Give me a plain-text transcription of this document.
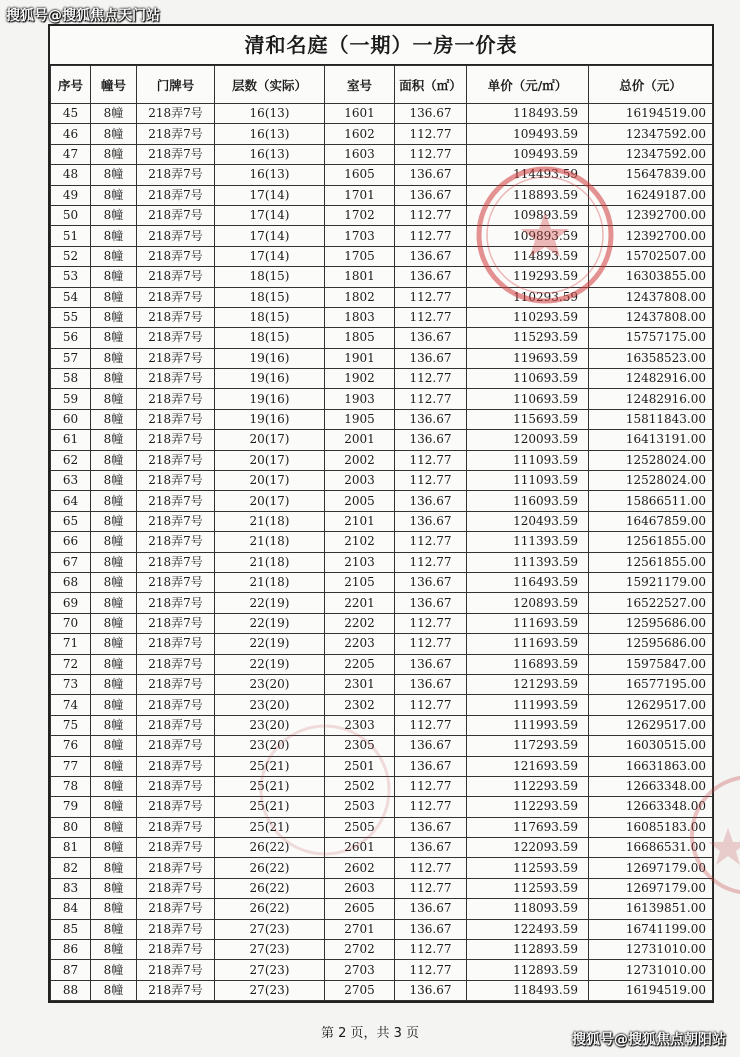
搜狐号@搜狐焦点天门站
清和名庭（一期）一房一价表
序号	幢号	门牌号	层数（实际）	室号	面积（㎡）	单价（元/㎡）	总价（元）
45	8幢	218弄7号	16(13)	1601	136.67	118493.59	16194519.00
46	8幢	218弄7号	16(13)	1602	112.77	109493.59	12347592.00
47	8幢	218弄7号	16(13)	1603	112.77	109493.59	12347592.00
48	8幢	218弄7号	16(13)	1605	136.67	114493.59	15647839.00
49	8幢	218弄7号	17(14)	1701	136.67	118893.59	16249187.00
50	8幢	218弄7号	17(14)	1702	112.77	109893.59	12392700.00
51	8幢	218弄7号	17(14)	1703	112.77	109893.59	12392700.00
52	8幢	218弄7号	17(14)	1705	136.67	114893.59	15702507.00
53	8幢	218弄7号	18(15)	1801	136.67	119293.59	16303855.00
54	8幢	218弄7号	18(15)	1802	112.77	110293.59	12437808.00
55	8幢	218弄7号	18(15)	1803	112.77	110293.59	12437808.00
56	8幢	218弄7号	18(15)	1805	136.67	115293.59	15757175.00
57	8幢	218弄7号	19(16)	1901	136.67	119693.59	16358523.00
58	8幢	218弄7号	19(16)	1902	112.77	110693.59	12482916.00
59	8幢	218弄7号	19(16)	1903	112.77	110693.59	12482916.00
60	8幢	218弄7号	19(16)	1905	136.67	115693.59	15811843.00
61	8幢	218弄7号	20(17)	2001	136.67	120093.59	16413191.00
62	8幢	218弄7号	20(17)	2002	112.77	111093.59	12528024.00
63	8幢	218弄7号	20(17)	2003	112.77	111093.59	12528024.00
64	8幢	218弄7号	20(17)	2005	136.67	116093.59	15866511.00
65	8幢	218弄7号	21(18)	2101	136.67	120493.59	16467859.00
66	8幢	218弄7号	21(18)	2102	112.77	111393.59	12561855.00
67	8幢	218弄7号	21(18)	2103	112.77	111393.59	12561855.00
68	8幢	218弄7号	21(18)	2105	136.67	116493.59	15921179.00
69	8幢	218弄7号	22(19)	2201	136.67	120893.59	16522527.00
70	8幢	218弄7号	22(19)	2202	112.77	111693.59	12595686.00
71	8幢	218弄7号	22(19)	2203	112.77	111693.59	12595686.00
72	8幢	218弄7号	22(19)	2205	136.67	116893.59	15975847.00
73	8幢	218弄7号	23(20)	2301	136.67	121293.59	16577195.00
74	8幢	218弄7号	23(20)	2302	112.77	111993.59	12629517.00
75	8幢	218弄7号	23(20)	2303	112.77	111993.59	12629517.00
76	8幢	218弄7号	23(20)	2305	136.67	117293.59	16030515.00
77	8幢	218弄7号	25(21)	2501	136.67	121693.59	16631863.00
78	8幢	218弄7号	25(21)	2502	112.77	112293.59	12663348.00
79	8幢	218弄7号	25(21)	2503	112.77	112293.59	12663348.00
80	8幢	218弄7号	25(21)	2505	136.67	117693.59	16085183.00
81	8幢	218弄7号	26(22)	2601	136.67	122093.59	16686531.00
82	8幢	218弄7号	26(22)	2602	112.77	112593.59	12697179.00
83	8幢	218弄7号	26(22)	2603	112.77	112593.59	12697179.00
84	8幢	218弄7号	26(22)	2605	136.67	118093.59	16139851.00
85	8幢	218弄7号	27(23)	2701	136.67	122493.59	16741199.00
86	8幢	218弄7号	27(23)	2702	112.77	112893.59	12731010.00
87	8幢	218弄7号	27(23)	2703	112.77	112893.59	12731010.00
88	8幢	218弄7号	27(23)	2705	136.67	118493.59	16194519.00
第 2 页，共 3 页	搜狐号@搜狐焦点朝阳站
